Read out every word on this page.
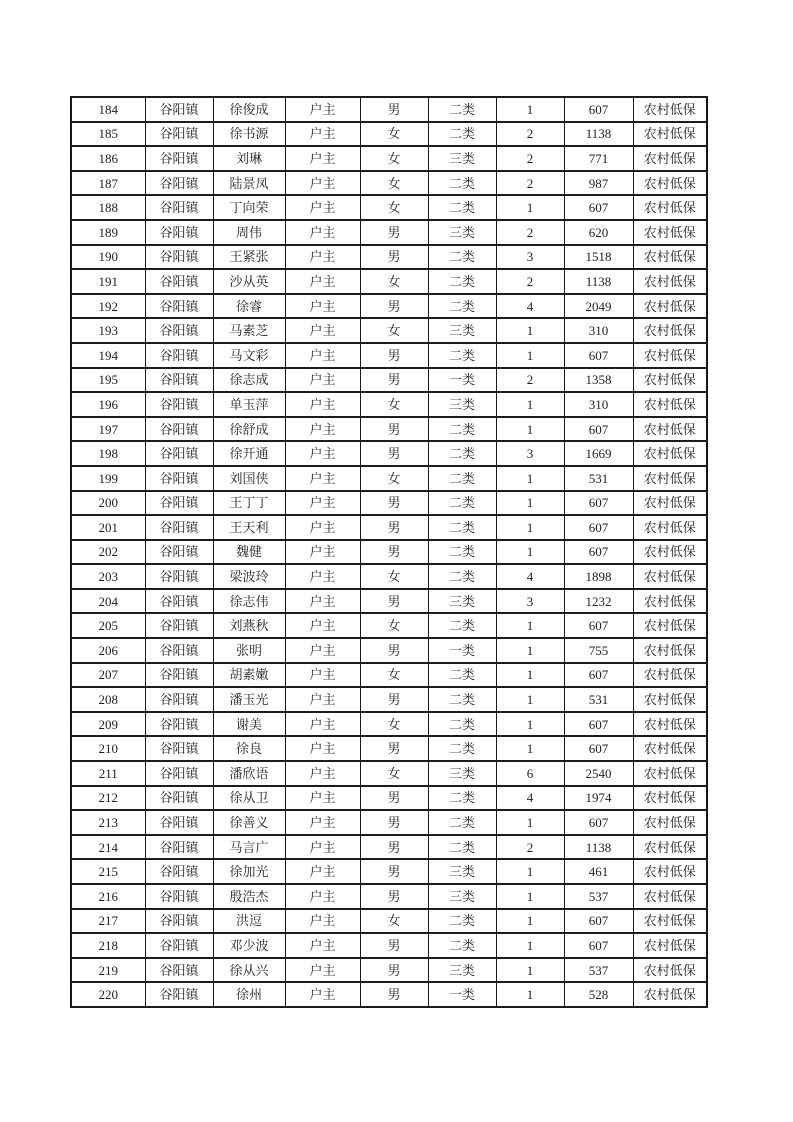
184	谷阳镇	徐俊成	户主	男	二类	1	607	农村低保
185	谷阳镇	徐书源	户主	女	二类	2	1138	农村低保
186	谷阳镇	刘琳	户主	女	三类	2	771	农村低保
187	谷阳镇	陆景凤	户主	女	二类	2	987	农村低保
188	谷阳镇	丁向荣	户主	女	二类	1	607	农村低保
189	谷阳镇	周伟	户主	男	三类	2	620	农村低保
190	谷阳镇	王紧张	户主	男	二类	3	1518	农村低保
191	谷阳镇	沙从英	户主	女	二类	2	1138	农村低保
192	谷阳镇	徐睿	户主	男	二类	4	2049	农村低保
193	谷阳镇	马素芝	户主	女	三类	1	310	农村低保
194	谷阳镇	马文彩	户主	男	二类	1	607	农村低保
195	谷阳镇	徐志成	户主	男	一类	2	1358	农村低保
196	谷阳镇	单玉萍	户主	女	三类	1	310	农村低保
197	谷阳镇	徐舒成	户主	男	二类	1	607	农村低保
198	谷阳镇	徐开通	户主	男	二类	3	1669	农村低保
199	谷阳镇	刘国侠	户主	女	二类	1	531	农村低保
200	谷阳镇	王丁丁	户主	男	二类	1	607	农村低保
201	谷阳镇	王天利	户主	男	二类	1	607	农村低保
202	谷阳镇	魏健	户主	男	二类	1	607	农村低保
203	谷阳镇	梁波玲	户主	女	二类	4	1898	农村低保
204	谷阳镇	徐志伟	户主	男	三类	3	1232	农村低保
205	谷阳镇	刘燕秋	户主	女	二类	1	607	农村低保
206	谷阳镇	张明	户主	男	一类	1	755	农村低保
207	谷阳镇	胡素嫩	户主	女	二类	1	607	农村低保
208	谷阳镇	潘玉光	户主	男	二类	1	531	农村低保
209	谷阳镇	谢美	户主	女	二类	1	607	农村低保
210	谷阳镇	徐良	户主	男	二类	1	607	农村低保
211	谷阳镇	潘欣语	户主	女	三类	6	2540	农村低保
212	谷阳镇	徐从卫	户主	男	二类	4	1974	农村低保
213	谷阳镇	徐善义	户主	男	二类	1	607	农村低保
214	谷阳镇	马言广	户主	男	二类	2	1138	农村低保
215	谷阳镇	徐加光	户主	男	三类	1	461	农村低保
216	谷阳镇	殷浩杰	户主	男	三类	1	537	农村低保
217	谷阳镇	洪逗	户主	女	二类	1	607	农村低保
218	谷阳镇	邓少波	户主	男	二类	1	607	农村低保
219	谷阳镇	徐从兴	户主	男	三类	1	537	农村低保
220	谷阳镇	徐州	户主	男	一类	1	528	农村低保
